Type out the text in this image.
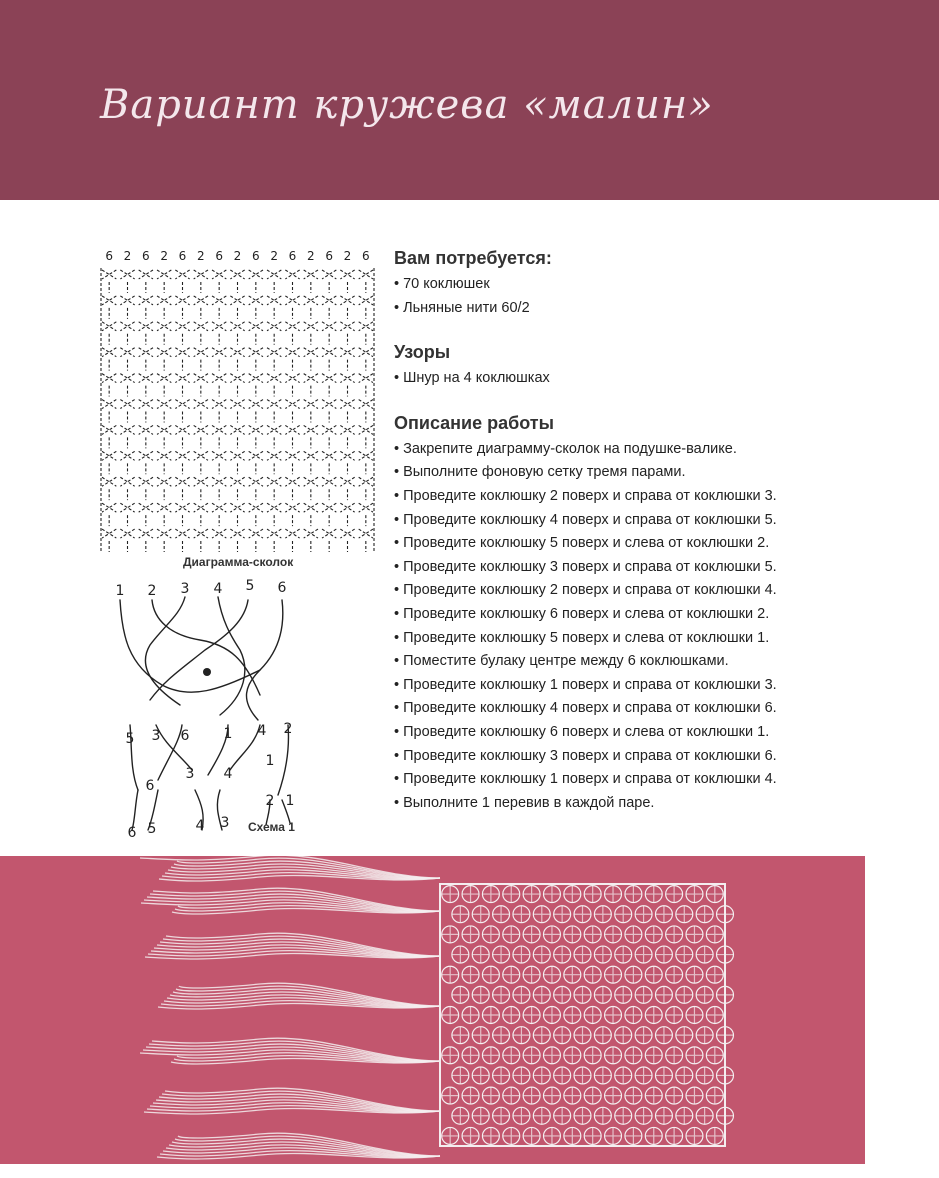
Вариант кружева «малин»
6 2 6 2 6 2 6 2 6 2 6 2 6 2 6
Диаграмма-сколок
1 2 3 4 5 6
5 3 6 1 4 2
3 4
1
6
2 1
6 5	4 3 Схема 1
Вам потребуется:
• 70 коклюшек
• Льняные нити 60/2
Узоры
• Шнур на 4 коклюшках
Описание работы
• Закрепите диаграмму-сколок на подушке-валике.
• Выполните фоновую сетку тремя парами.
• Проведите коклюшку 2 поверх и справа от коклюшки 3.
• Проведите коклюшку 4 поверх и справа от коклюшки 5.
• Проведите коклюшку 5 поверх и слева от коклюшки 2.
• Проведите коклюшку 3 поверх и справа от коклюшки 5.
• Проведите коклюшку 2 поверх и справа от коклюшки 4.
• Проведите коклюшку 6 поверх и слева от коклюшки 2.
• Проведите коклюшку 5 поверх и слева от коклюшки 1.
• Поместите булаку центре между 6 коклюшками.
• Проведите коклюшку 1 поверх и справа от коклюшки 3.
• Проведите коклюшку 4 поверх и справа от коклюшки 6.
• Проведите коклюшку 6 поверх и слева от коклюшки 1.
• Проведите коклюшку 3 поверх и справа от коклюшки 6.
• Проведите коклюшку 1 поверх и справа от коклюшки 4.
• Выполните 1 перевив в каждой паре.
